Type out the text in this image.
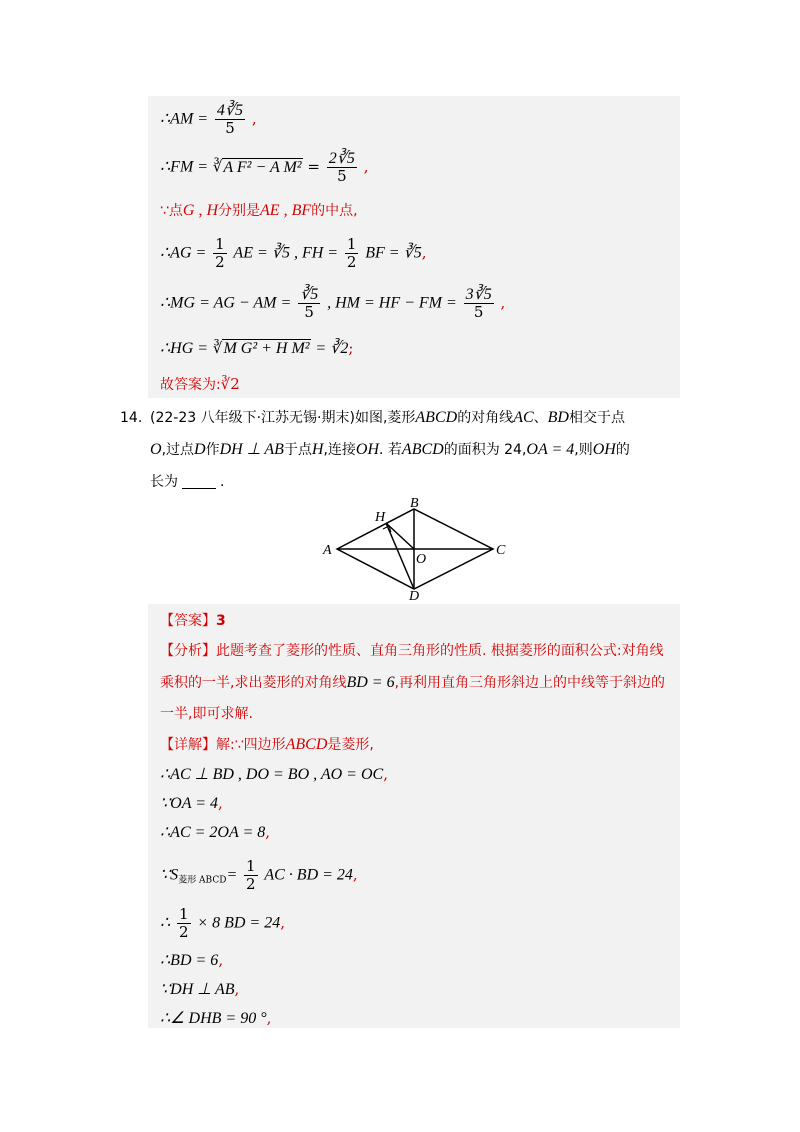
∴AM = $\frac{4∛5}{5}$ ,
∴FM = ∛A F² − A $M^2 = \frac{2∛5}{5}$ ,
∵点G , H分别是AE , BF的中点,
∴AG = $\frac{1}{2}$ AE = ∛5 , FH = $\frac{1}{2}$ BF = ∛5,
∴MG = AG − AM = $\frac{∛5}{5}$ , HM = HF − FM = $\frac{3∛5}{5}$ ,
∴HG = ∛M G² + H M² = ∛2;
故答案为:∛2
14. (22-23 八年级下·江苏无锡·期末)如图,菱形ABCD的对角线AC、BD相交于点
O,过点D作DH ⊥ AB于点H,连接OH. 若ABCD的面积为 24,OA = 4,则OH的
长为	.
A
B
C
D
H
O
【答案】3
【分析】此题考查了菱形的性质、直角三角形的性质. 根据菱形的面积公式:对角线乘积的一半,求出菱形的对角线BD = 6,再利用直角三角形斜边上的中线等于斜边的一半,即可求解.
【详解】解:∵四边形ABCD是菱形,
∴AC ⊥ BD , DO = BO , AO = OC,
∵OA = 4,
∴AC = 2OA = 8,
$\because S_{菱形 ABCD}= \frac{1}{2}$ AC · BD = 24,
∴ $\frac{1}{2} \times 8$ BD = 24,
∴BD = 6,
∵DH ⊥ AB,
∴∠ DHB = 90 °,
